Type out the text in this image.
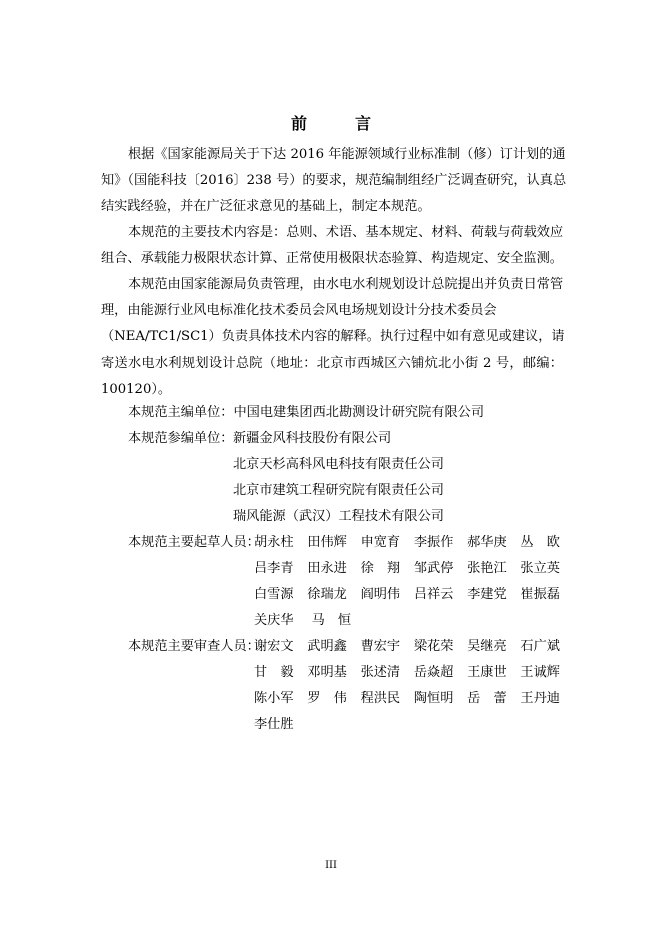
前　言
根据《国家能源局关于下达 2016 年能源领域行业标准制（修）订计划的通
知》（国能科技〔2016〕238 号）的要求，规范编制组经广泛调查研究，认真总
结实践经验，并在广泛征求意见的基础上，制定本规范。
本规范的主要技术内容是：总则、术语、基本规定、材料、荷载与荷载效应
组合、承载能力极限状态计算、正常使用极限状态验算、构造规定、安全监测。
本规范由国家能源局负责管理，由水电水利规划设计总院提出并负责日常管
理，由能源行业风电标准化技术委员会风电场规划设计分技术委员会
（NEA/TC1/SC1）负责具体技术内容的解释。执行过程中如有意见或建议，请
寄送水电水利规划设计总院（地址：北京市西城区六铺炕北小街 2 号，邮编：
100120）。
本规范主编单位：中国电建集团西北勘测设计研究院有限公司
本规范参编单位： 新疆金风科技股份有限公司
北京天杉高科风电科技有限责任公司
北京市建筑工程研究院有限责任公司
瑞风能源（武汉）工程技术有限公司
本规范主要起草人员：
胡永柱 田伟辉 申宽育 李振作 郝华庚 丛　欧
吕李青 田永进 徐　翔 邹武停 张艳江 张立英
白雪源 徐瑞龙 阎明伟 吕祥云 李建党 崔振磊
关庆华 马　恒
本规范主要审查人员：
谢宏文 武明鑫 曹宏宇 梁花荣 吴继亮 石广斌
甘　毅 邓明基 张述清 岳焱超 王康世 王诚辉
陈小军 罗　伟 程洪民 陶恒明 岳　蕾 王丹迪
李仕胜
III
